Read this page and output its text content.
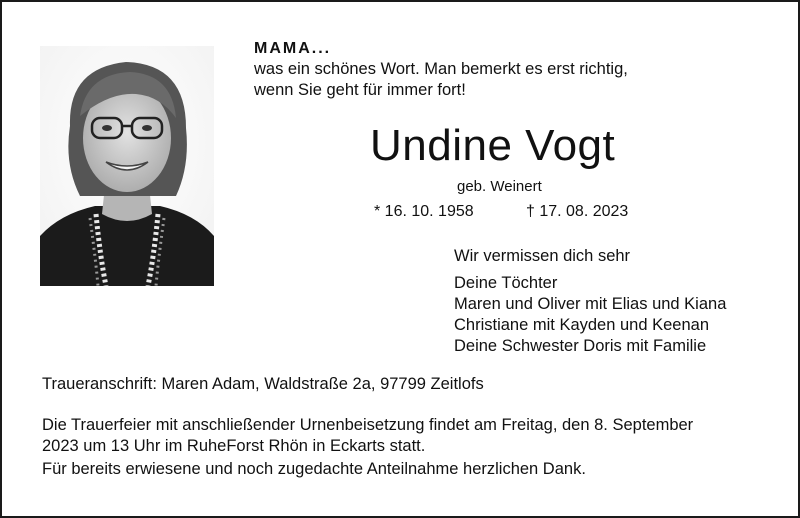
MAMA...
was ein schönes Wort. Man bemerkt es erst richtig,
wenn Sie geht für immer fort!
Undine Vogt
geb. Weinert
* 16. 10. 1958	† 17. 08. 2023
Wir vermissen dich sehr
Deine Töchter
Maren und Oliver mit Elias und Kiana
Christiane mit Kayden und Keenan
Deine Schwester Doris mit Familie
Traueranschrift: Maren Adam, Waldstraße 2a, 97799 Zeitlofs
Die Trauerfeier mit anschließender Urnenbeisetzung findet am Freitag, den 8. September
2023 um 13 Uhr im RuheForst Rhön in Eckarts statt.
Für bereits erwiesene und noch zugedachte Anteilnahme herzlichen Dank.
